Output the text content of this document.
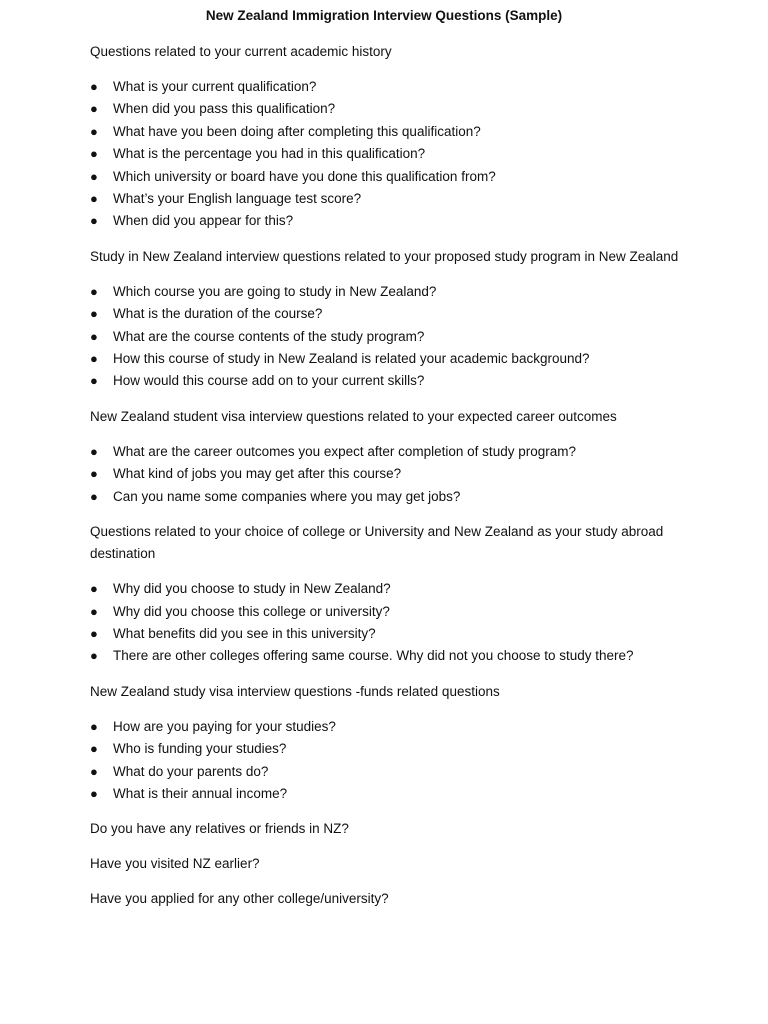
New Zealand Immigration Interview Questions (Sample)

Questions related to your current academic history

● What is your current qualification?
● When did you pass this qualification?
● What have you been doing after completing this qualification?
● What is the percentage you had in this qualification?
● Which university or board have you done this qualification from?
● What’s your English language test score?
● When did you appear for this?

Study in New Zealand interview questions related to your proposed study program in New Zealand

● Which course you are going to study in New Zealand?
● What is the duration of the course?
● What are the course contents of the study program?
● How this course of study in New Zealand is related your academic background?
● How would this course add on to your current skills?

New Zealand student visa interview questions related to your expected career outcomes

● What are the career outcomes you expect after completion of study program?
● What kind of jobs you may get after this course?
● Can you name some companies where you may get jobs?

Questions related to your choice of college or University and New Zealand as your study abroad destination

● Why did you choose to study in New Zealand?
● Why did you choose this college or university?
● What benefits did you see in this university?
● There are other colleges offering same course. Why did not you choose to study there?

New Zealand study visa interview questions -funds related questions

● How are you paying for your studies?
● Who is funding your studies?
● What do your parents do?
● What is their annual income?

Do you have any relatives or friends in NZ?

Have you visited NZ earlier?

Have you applied for any other college/university?
